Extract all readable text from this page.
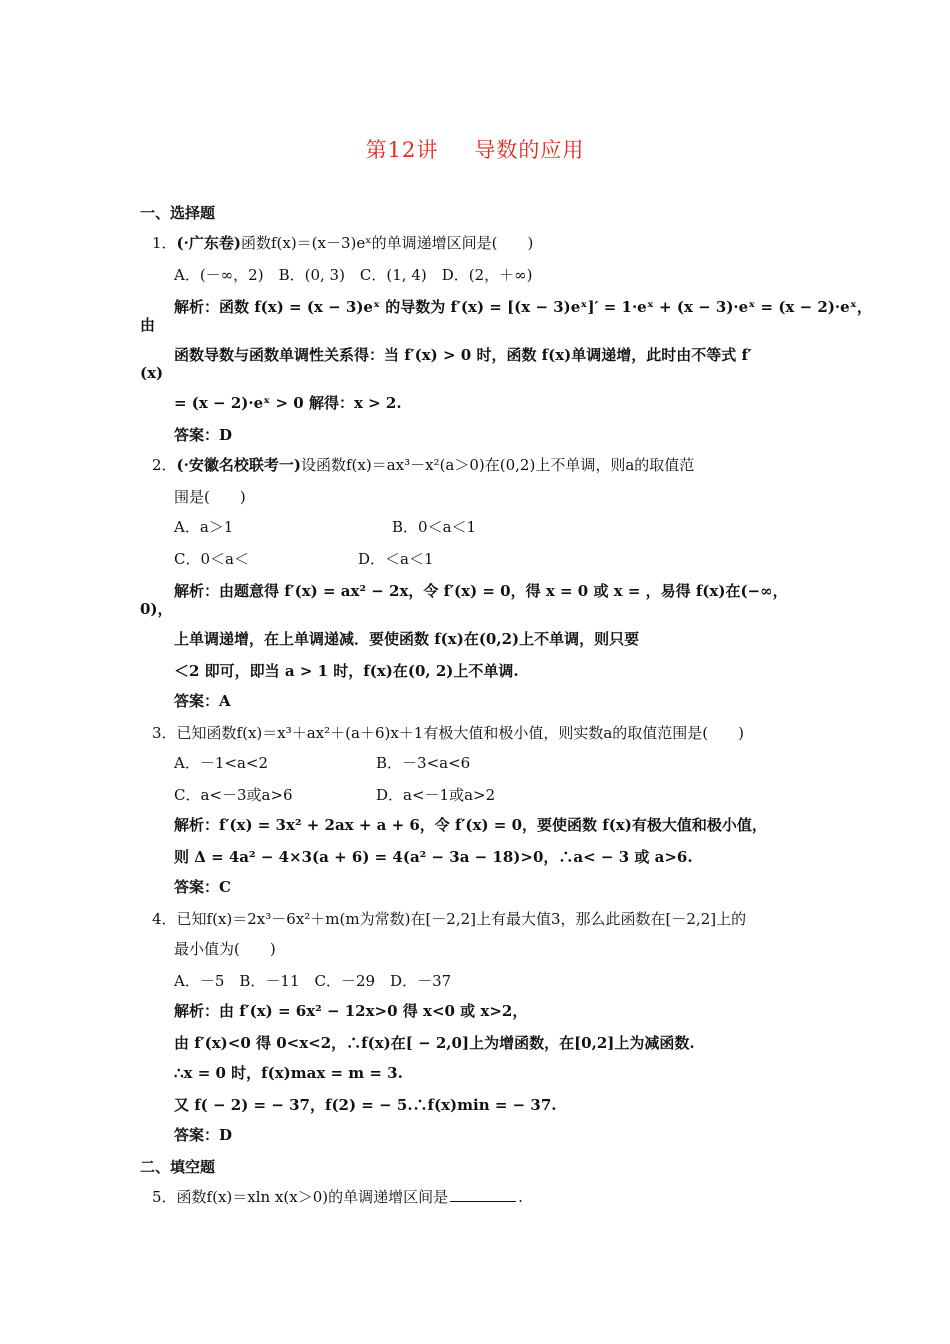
第12讲 导数的应用
一、选择题
1．(·广东卷)函数f(x)＝(x－3)eˣ的单调递增区间是(　　)
A．(－∞，2)　B．(0, 3)　C．(1, 4)　D．(2，＋∞)
解析：函数 f(x) = (x − 3)eˣ 的导数为 f′(x) = [(x − 3)eˣ]′ = 1·eˣ + (x − 3)·eˣ = (x − 2)·eˣ，
由
函数导数与函数单调性关系得：当 f′(x) > 0 时，函数 f(x)单调递增，此时由不等式 f′
(x)
= (x − 2)·eˣ > 0 解得：x > 2.
答案：D
2．(·安徽名校联考一)设函数f(x)＝ax³－x²(a＞0)在(0,2)上不单调，则a的取值范
围是(　　)
A．a＞1	B．0＜a＜1
C．0＜a＜	D．＜a＜1
解析：由题意得 f′(x) = ax² − 2x，令 f′(x) = 0，得 x = 0 或 x = ，易得 f(x)在(−∞，
0)，
上单调递增，在上单调递减．要使函数 f(x)在(0,2)上不单调，则只要
＜2 即可，即当 a > 1 时，f(x)在(0, 2)上不单调.
答案：A
3．已知函数f(x)＝x³＋ax²＋(a＋6)x＋1有极大值和极小值，则实数a的取值范围是(　　)
A．－1<a<2	B．－3<a<6
C．a<－3或a>6	D．a<－1或a>2
解析：f′(x) = 3x² + 2ax + a + 6，令 f′(x) = 0，要使函数 f(x)有极大值和极小值，
则 Δ = 4a² − 4×3(a + 6) = 4(a² − 3a − 18)>0，∴a< − 3 或 a>6.
答案：C
4．已知f(x)＝2x³－6x²＋m(m为常数)在[－2,2]上有最大值3，那么此函数在[－2,2]上的
最小值为(　　)
A．－5　B．－11　C．－29　D．－37
解析：由 f′(x) = 6x² − 12x>0 得 x<0 或 x>2，
由 f′(x)<0 得 0<x<2，∴f(x)在[ − 2,0]上为增函数，在[0,2]上为减函数.
∴x = 0 时，f(x)max = m = 3.
又 f( − 2) = − 37，f(2) = − 5.∴f(x)min = − 37.
答案：D
二、填空题
5．函数f(x)＝xln x(x＞0)的单调递增区间是	.
